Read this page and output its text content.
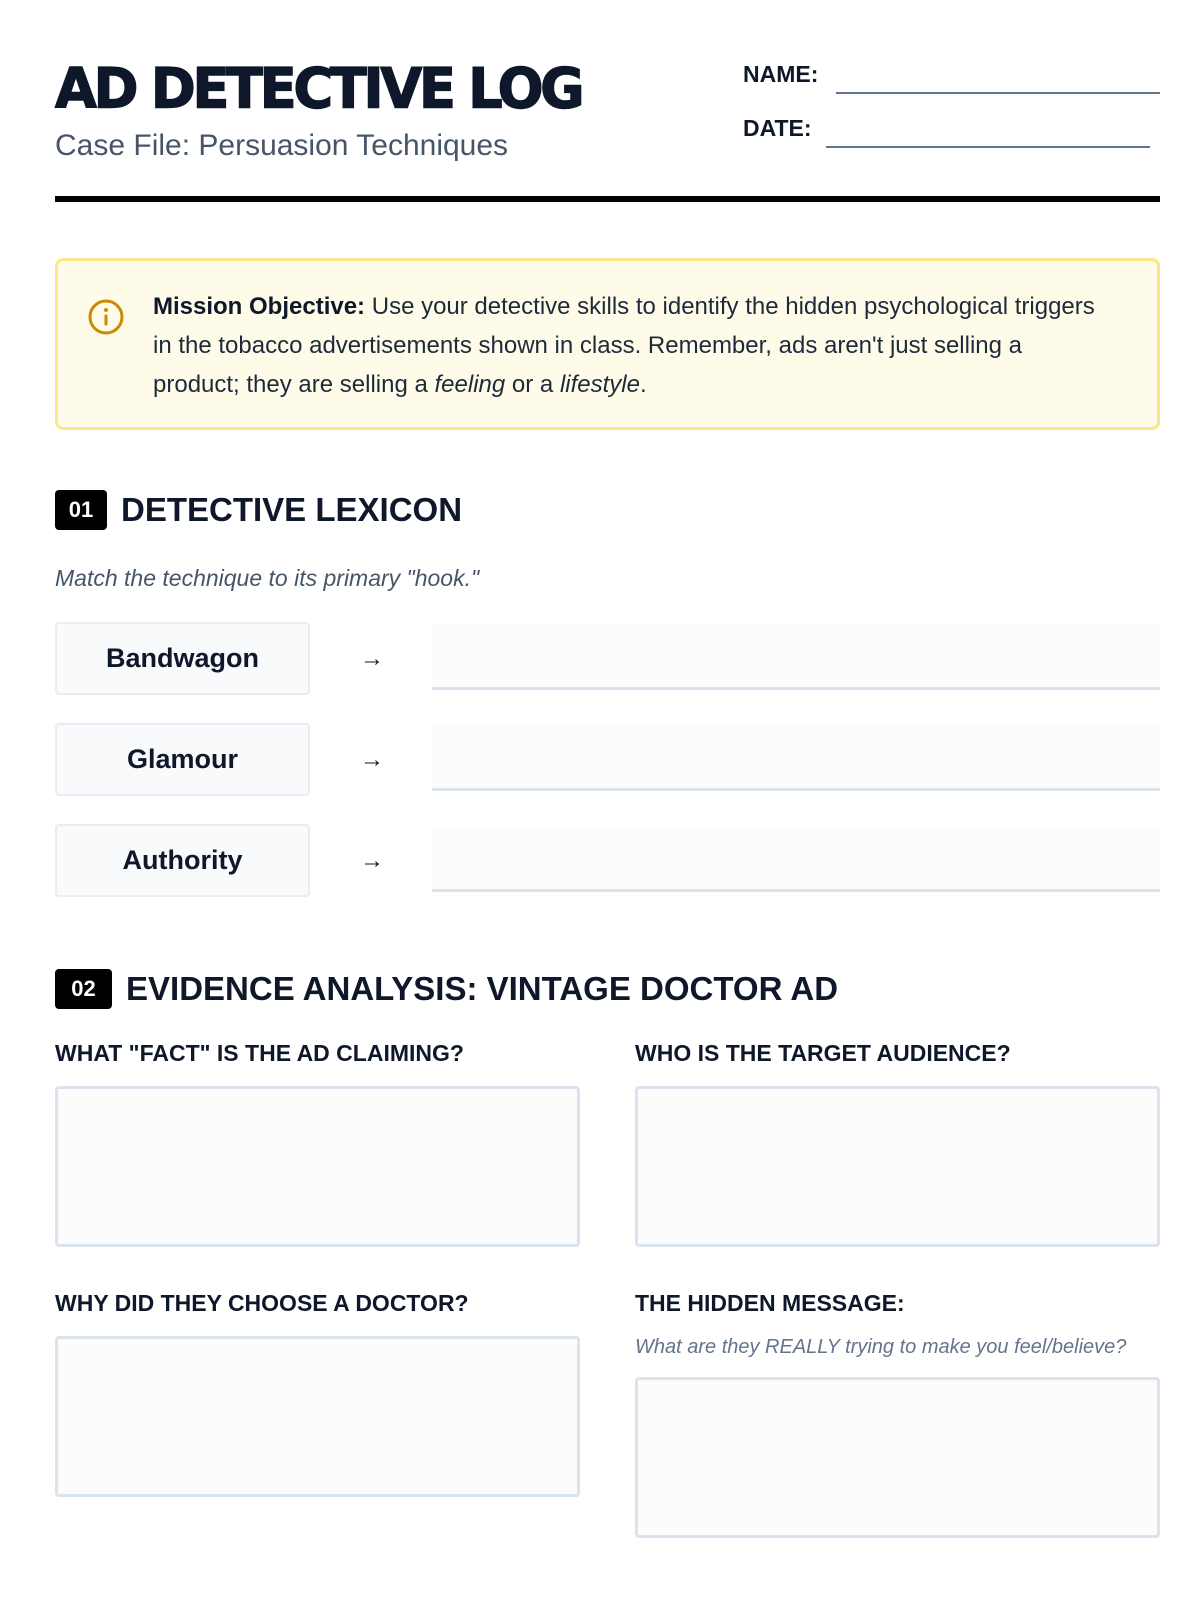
AD DETECTIVE LOG
Case File: Persuasion Techniques
NAME:
DATE:

Mission Objective: Use your detective skills to identify the hidden psychological triggers in the tobacco advertisements shown in class. Remember, ads aren't just selling a product; they are selling a feeling or a lifestyle.

01 DETECTIVE LEXICON
Match the technique to its primary "hook."
Bandwagon	→
Glamour	→
Authority	→
02 EVIDENCE ANALYSIS: VINTAGE DOCTOR AD
WHAT "FACT" IS THE AD CLAIMING?	WHO IS THE TARGET AUDIENCE?
WHY DID THEY CHOOSE A DOCTOR?	THE HIDDEN MESSAGE:
What are they REALLY trying to make you feel/believe?
